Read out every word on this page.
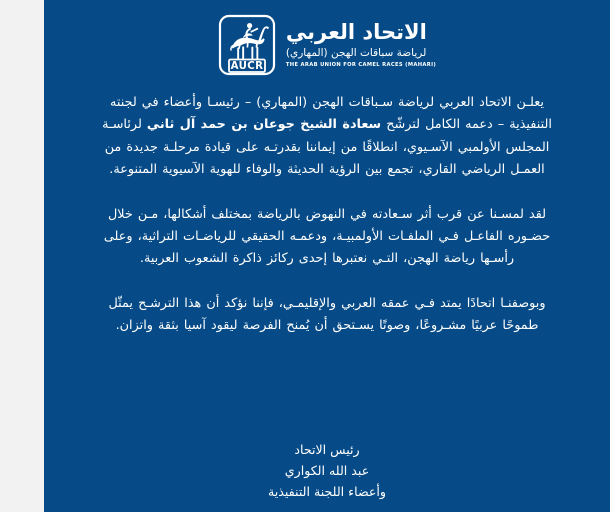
AUCR
الاتحاد العربي
لرياضة سباقات الهجن (المهاري)
THE ARAB UNION FOR CAMEL RACES (MAHARI)

يعلـن الاتحاد العربي لرياضة سـباقات الهجن (المهاري) – رئيسـا وأعضاء في لجنته التنفيذية – دعمه الكامل لترشّح سعادة الشيخ جوعان بن حمد آل ثاني لرئاسـة المجلس الأولمبي الآسـيوي، انطلاقًا من إيماننا بقدرتـه على قيادة مرحلـة جديدة من العمـل الرياضي القاري، تجمع بين الرؤية الحديثة والوفاء للهوية الآسيوية المتنوعة.

لقد لمسـنا عن قرب أثر سـعادته في النهوض بالرياضة بمختلف أشكالها، مـن خلال حضـوره الفاعـل فـي الملفـات الأولمبيـة، ودعمـه الحقيقي للرياضـات التراثية، وعلى رأسـها رياضة الهجن، التـي نعتبرها إحدى ركائز ذاكرة الشعوب العربية.

وبوصفنـا اتحادًا يمتد فـي عمقه العربي والإقليمـي، فإننا نؤكد أن هذا الترشـح يمثّل طموحًا عربيًا مشـروعًا، وصوتًا يسـتحق أن يُمنح الفرصة ليقود آسيا بثقة واتزان.

رئيس الاتحاد
عبد الله الكواري
وأعضاء اللجنة التنفيذية
